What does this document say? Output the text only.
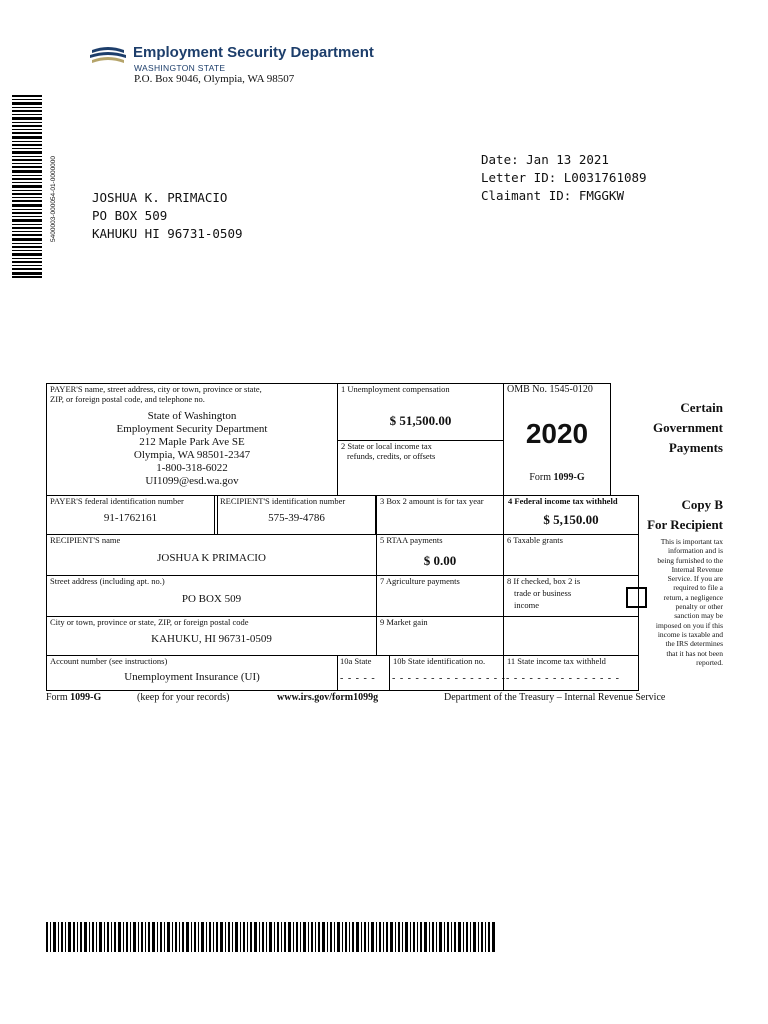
Employment Security Department
WASHINGTON STATE
P.O. Box 9046, Olympia, WA 98507
5400003-000054-01-0000000	JOSHUA K. PRIMACIO
PO BOX 509
KAHUKU HI 96731-0509
Date: Jan 13 2021
Letter ID: L0031761089
Claimant ID: FMGGKW
PAYER'S name, street address, city or town, province or state,
ZIP, or foreign postal code, and telephone no.
State of Washington
Employment Security Department
212 Maple Park Ave SE
Olympia, WA 98501-2347
1-800-318-6022
UI1099@esd.wa.gov
1 Unemployment compensation
$ 51,500.00
2 State or local income tax
refunds, credits, or offsets
OMB No. 1545-0120
2020
Form 1099-G
Certain
Government
Payments
PAYER'S federal identification number
91-1762161
RECIPIENT'S identification number
575-39-4786
3 Box 2 amount is for tax year	4 Federal income tax withheld
$ 5,150.00
Copy B
For Recipient
RECIPIENT'S name
JOSHUA K PRIMACIO
5 RTAA payments
$ 0.00
6 Taxable grants
Street address (including apt. no.)
PO BOX 509
7 Agriculture payments	8 If checked, box 2 is
trade or business
income
City or town, province or state, ZIP, or foreign postal code
KAHUKU, HI 96731-0509
9 Market gain
Account number (see instructions)
Unemployment Insurance (UI)
10a State
- - - - -
10b State identification no.
- - - - - - - - - - - - - - -
11 State income tax withheld
- - - - - - - - - - - - - - -
This is important tax
information and is
being furnished to the
Internal Revenue
Service. If you are
required to file a
return, a negligence
penalty or other
sanction may be
imposed on you if this
income is taxable and
the IRS determines
that it has not been
reported.
Form 1099-G	(keep for your records)	www.irs.gov/form1099g	Department of the Treasury – Internal Revenue Service
